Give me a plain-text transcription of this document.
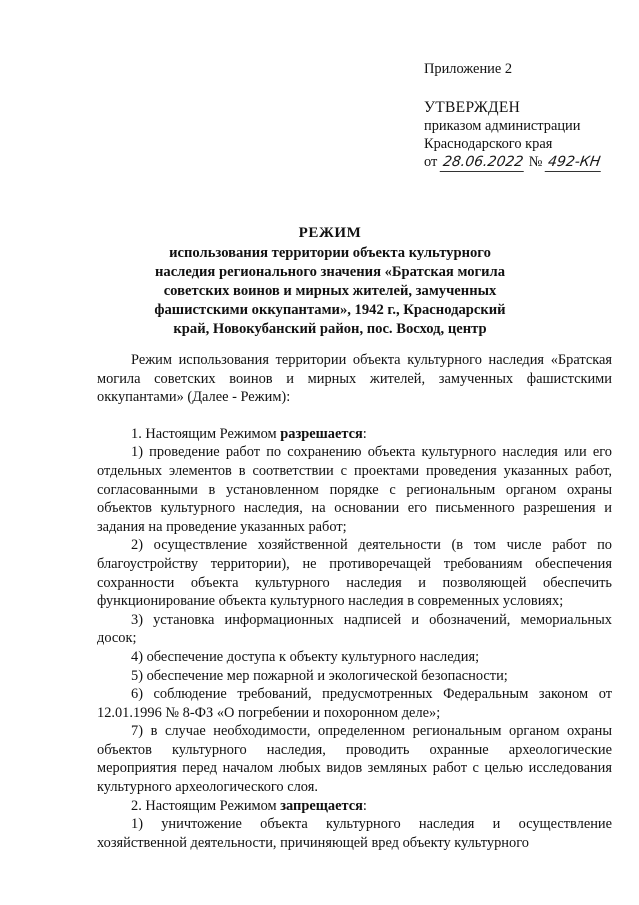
Приложение 2
УТВЕРЖДЕН
приказом администрации
Краснодарского края
от 28.06.2022 № 492-КН
РЕЖИМ
использования территории объекта культурного
наследия регионального значения «Братская могила
советских воинов и мирных жителей, замученных
фашистскими оккупантами», 1942 г., Краснодарский
край, Новокубанский район, пос. Восход, центр

Режим использования территории объекта культурного наследия «Братская могила советских воинов и мирных жителей, замученных фашистскими оккупантами» (Далее - Режим):

1. Настоящим Режимом разрешается:

1) проведение работ по сохранению объекта культурного наследия или его отдельных элементов в соответствии с проектами проведения указанных работ, согласованными в установленном порядке с региональным органом охраны объектов культурного наследия, на основании его письменного разрешения и задания на проведение указанных работ;

2) осуществление хозяйственной деятельности (в том числе работ по благоустройству территории), не противоречащей требованиям обеспечения сохранности объекта культурного наследия и позволяющей обеспечить функционирование объекта культурного наследия в современных условиях;

3) установка информационных надписей и обозначений, мемориальных досок;

4) обеспечение доступа к объекту культурного наследия;

5) обеспечение мер пожарной и экологической безопасности;

6) соблюдение требований, предусмотренных Федеральным законом от 12.01.1996 № 8-ФЗ «О погребении и похоронном деле»;

7) в случае необходимости, определенном региональным органом охраны объектов культурного наследия, проводить охранные археологические мероприятия перед началом любых видов земляных работ с целью исследования культурного археологического слоя.

2. Настоящим Режимом запрещается:

1) уничтожение объекта культурного наследия и осуществление хозяйственной деятельности, причиняющей вред объекту культурного
